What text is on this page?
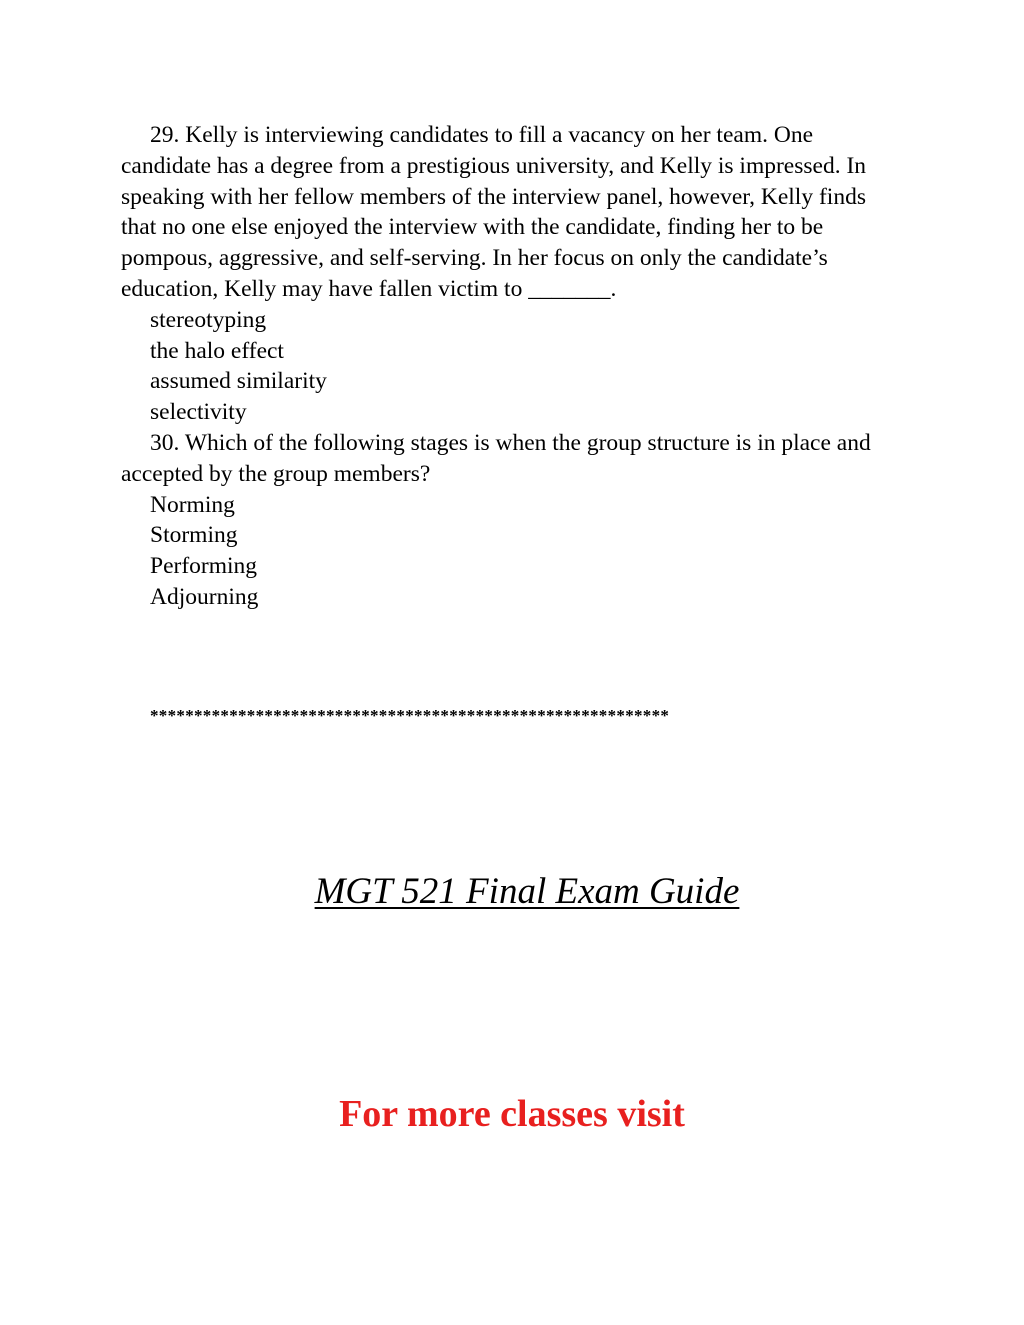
29. Kelly is interviewing candidates to fill a vacancy on her team. One candidate has a degree from a prestigious university, and Kelly is impressed. In speaking with her fellow members of the interview panel, however, Kelly finds that no one else enjoyed the interview with the candidate, finding her to be pompous, aggressive, and self-serving. In her focus on only the candidate’s education, Kelly may have fallen victim to _______.

stereotyping
the halo effect
assumed similarity
selectivity

30. Which of the following stages is when the group structure is in place and accepted by the group members?

Norming
Storming
Performing
Adjourning
***********************************************************
MGT 521 Final Exam Guide
For more classes visit
